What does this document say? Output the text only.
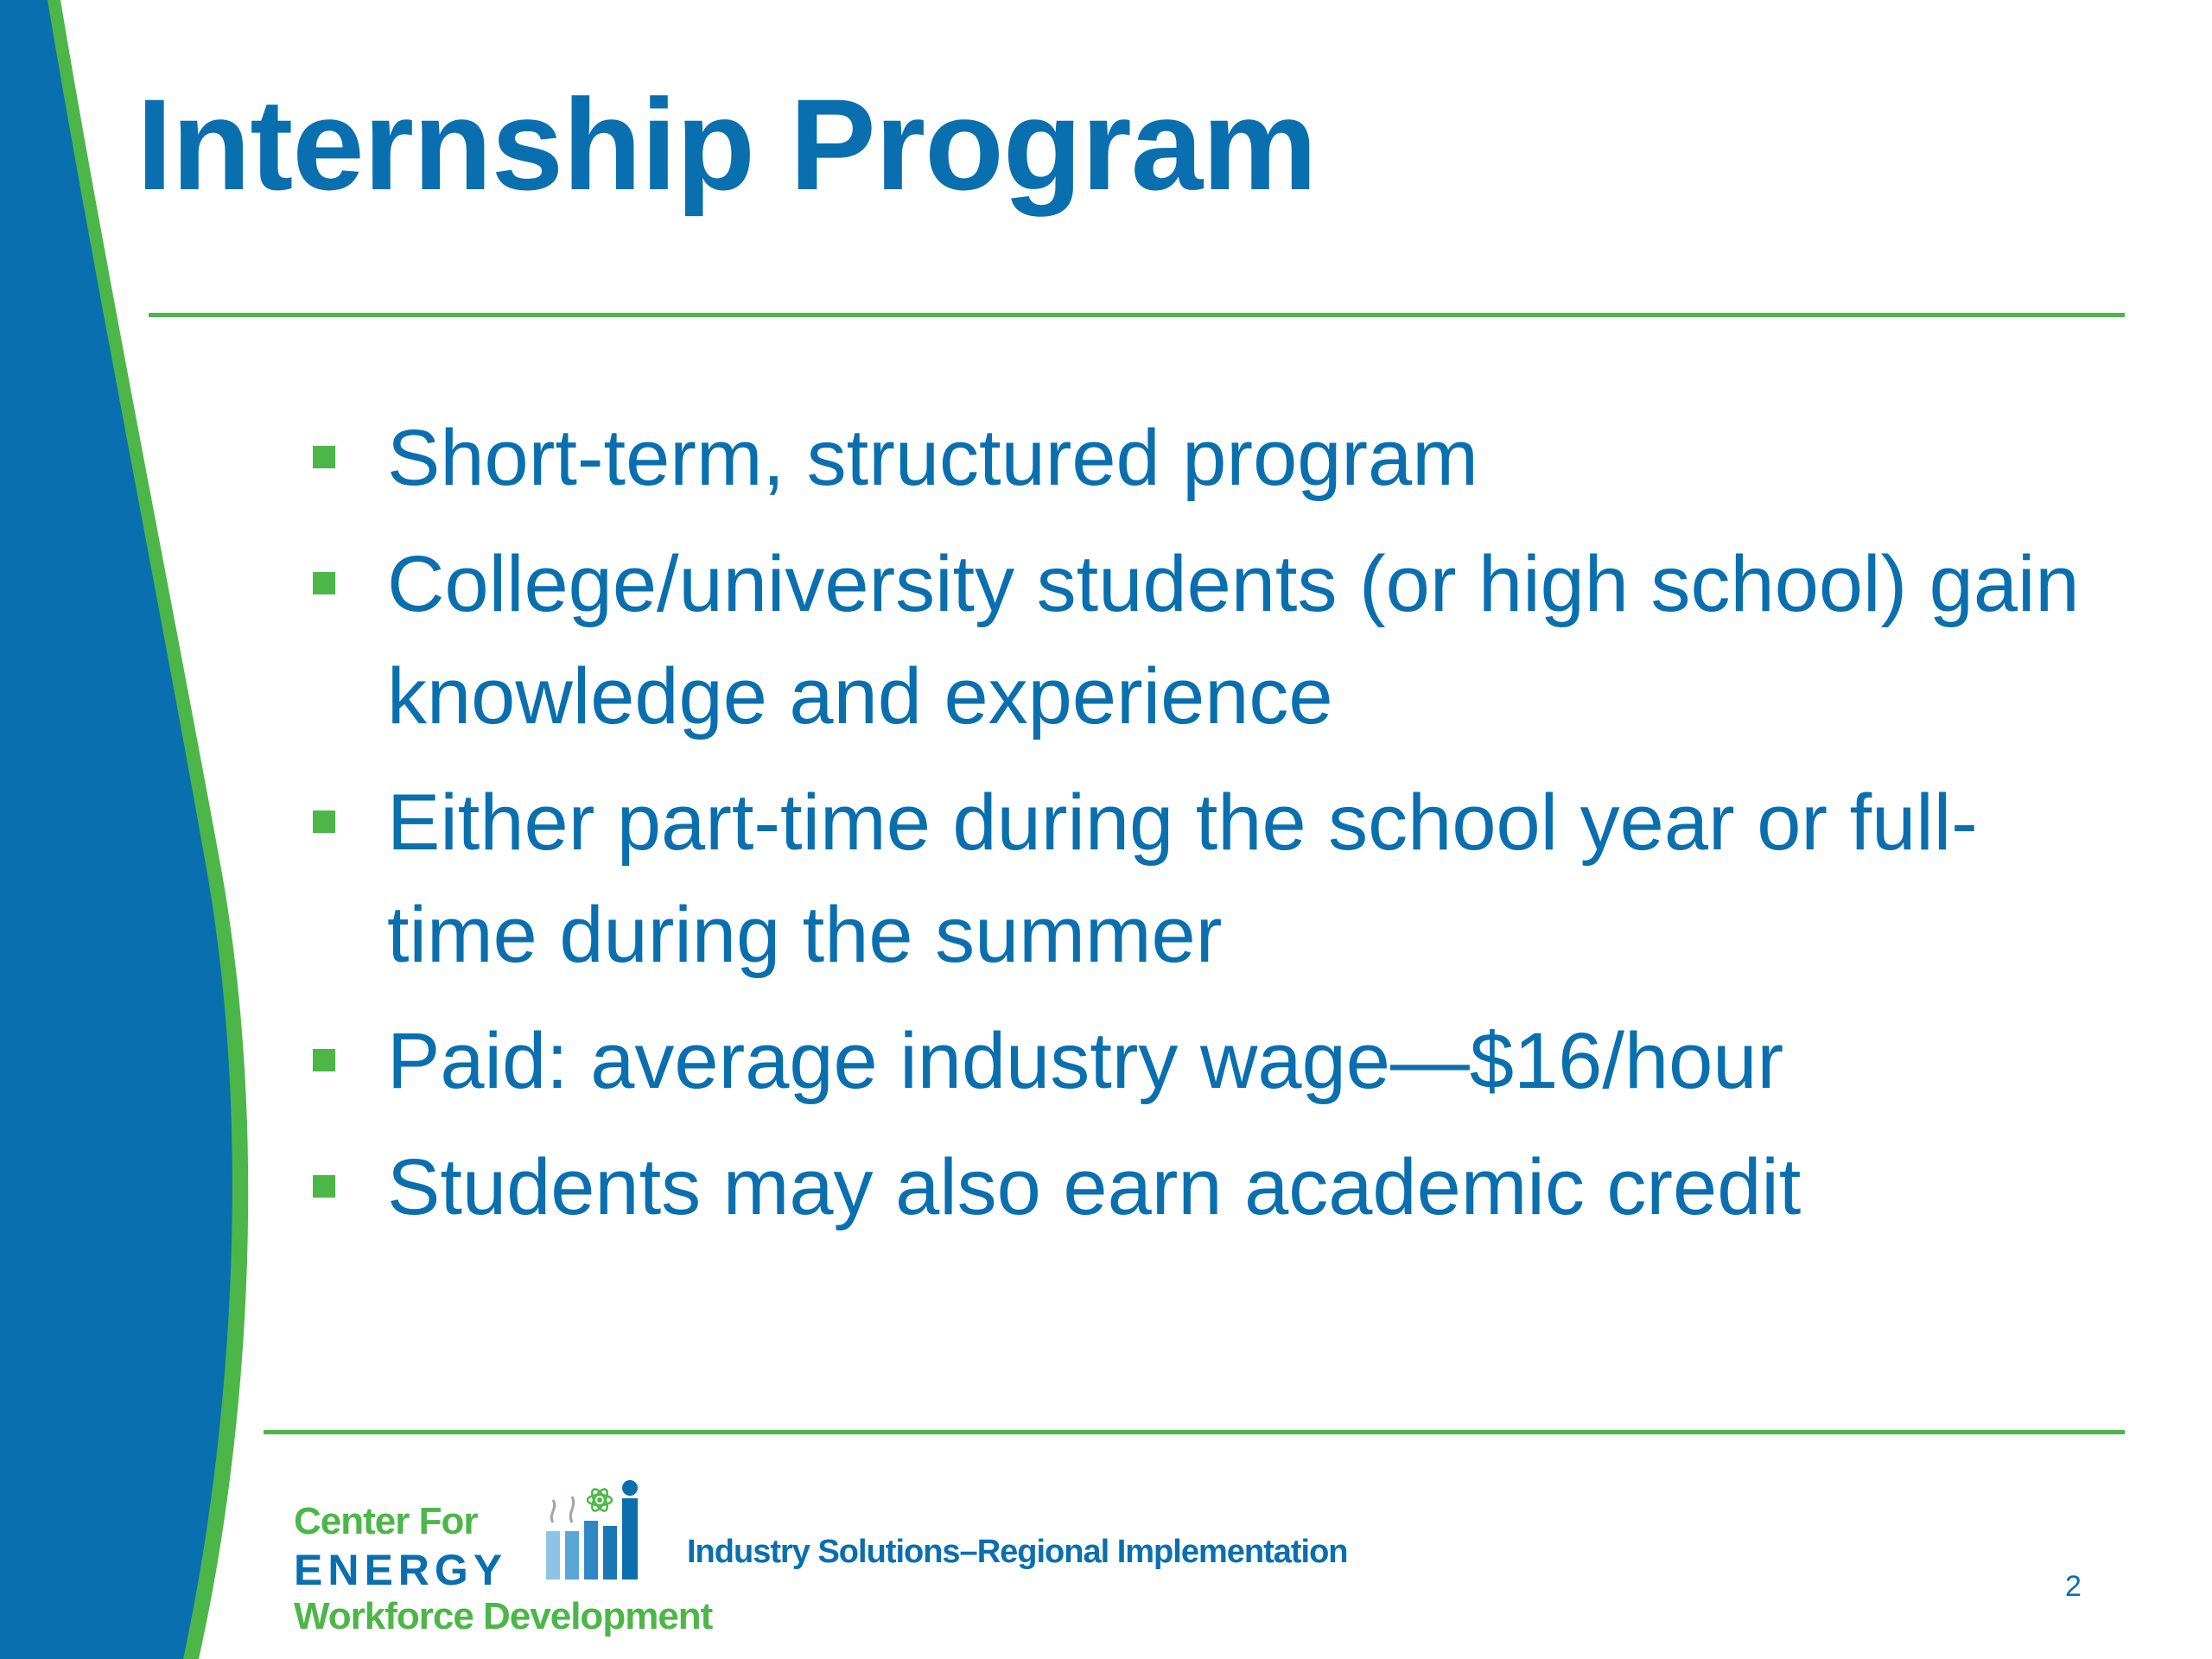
Internship Program
Short-term, structured program
College/university students (or high school) gain knowledge and experience
Either part-time during the school year or full-time during the summer
Paid: average industry wage—$16/hour
Students may also earn academic credit
Center For
ENERGY
Workforce Development
Industry Solutions–Regional Implementation
2
